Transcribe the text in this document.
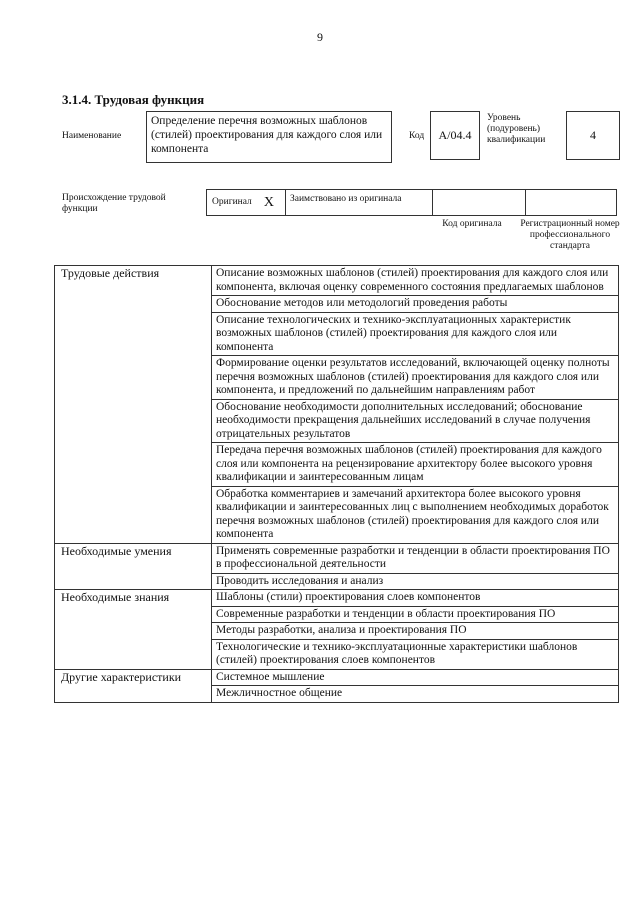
9
3.1.4. Трудовая функция
Наименование
Определение перечня возможных шаблонов (стилей) проектирования для каждого слоя или компонента
Код	A/04.4
Уровень (подуровень) квалификации	4
Происхождение трудовой функции
Оригинал X	Заимствовано из оригинала
Код оригинала	Регистрационный номер профессионального стандарта
Трудовые действия	Описание возможных шаблонов (стилей) проектирования для каждого слоя или компонента, включая оценку современного состояния предлагаемых шаблонов
	Обоснование методов или методологий проведения работы
	Описание технологических и технико-эксплуатационных характеристик возможных шаблонов (стилей) проектирования для каждого слоя или компонента
	Формирование оценки результатов исследований, включающей оценку полноты перечня возможных шаблонов (стилей) проектирования для каждого слоя или компонента, и предложений по дальнейшим направлениям работ
	Обоснование необходимости дополнительных исследований; обоснование необходимости прекращения дальнейших исследований в случае получения отрицательных результатов
	Передача перечня возможных шаблонов (стилей) проектирования для каждого слоя или компонента на рецензирование архитектору более высокого уровня квалификации и заинтересованным лицам
	Обработка комментариев и замечаний архитектора более высокого уровня квалификации и заинтересованных лиц с выполнением необходимых доработок перечня возможных шаблонов (стилей) проектирования для каждого слоя или компонента
Необходимые умения	Применять современные разработки и тенденции в области проектирования ПО в профессиональной деятельности
	Проводить исследования и анализ
Необходимые знания	Шаблоны (стили) проектирования слоев компонентов
	Современные разработки и тенденции в области проектирования ПО
	Методы разработки, анализа и проектирования ПО
	Технологические и технико-эксплуатационные характеристики шаблонов (стилей) проектирования слоев компонентов
Другие характеристики	Системное мышление
	Межличностное общение
